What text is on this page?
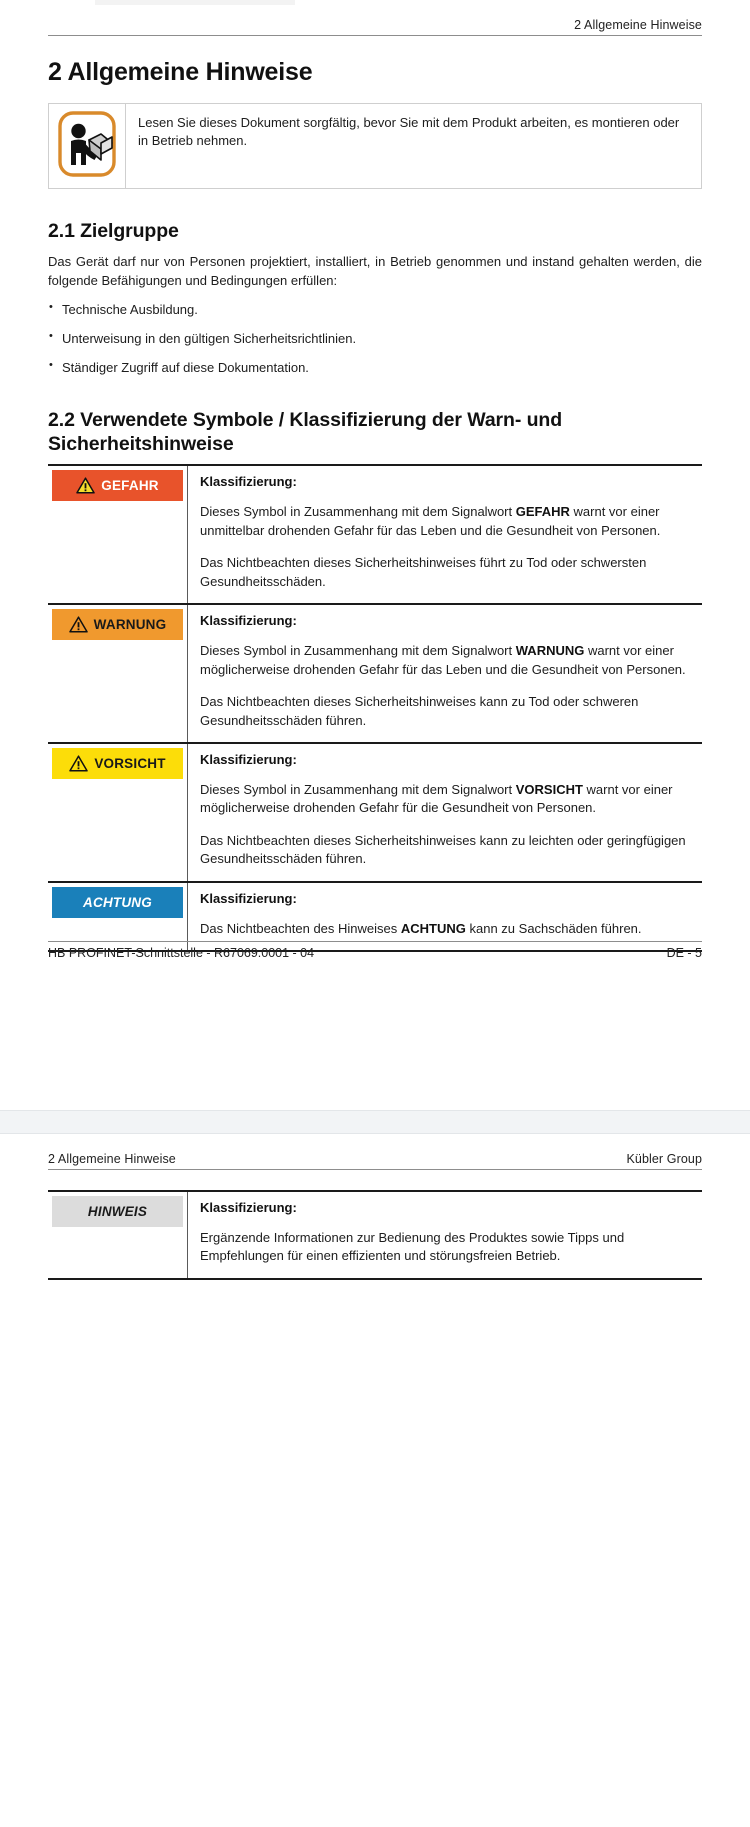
2 Allgemeine Hinweise
2 Allgemeine Hinweise
Lesen Sie dieses Dokument sorgfältig, bevor Sie mit dem Produkt arbeiten, es montieren oder in Betrieb nehmen.
2.1 Zielgruppe

Das Gerät darf nur von Personen projektiert, installiert, in Betrieb genommen und instand gehalten werden, die folgende Befähigungen und Bedingungen erfüllen:

• Technische Ausbildung.
• Unterweisung in den gültigen Sicherheitsrichtlinien.
• Ständiger Zugriff auf diese Dokumentation.
2.2 Verwendete Symbole / Klassifizierung der Warn- und Sicherheitshinweise
GEFAHR	Klassifizierung:

Dieses Symbol in Zusammenhang mit dem Signalwort GEFAHR warnt vor einer unmittelbar drohenden Gefahr für das Leben und die Gesundheit von Personen.

Das Nichtbeachten dieses Sicherheitshinweises führt zu Tod oder schwersten Gesundheitsschäden.

WARNUNG	Klassifizierung:

Dieses Symbol in Zusammenhang mit dem Signalwort WARNUNG warnt vor einer möglicherweise drohenden Gefahr für das Leben und die Gesundheit von Personen.

Das Nichtbeachten dieses Sicherheitshinweises kann zu Tod oder schweren Gesundheitsschäden führen.

VORSICHT	Klassifizierung:

Dieses Symbol in Zusammenhang mit dem Signalwort VORSICHT warnt vor einer möglicherweise drohenden Gefahr für die Gesundheit von Personen.

Das Nichtbeachten dieses Sicherheitshinweises kann zu leichten oder geringfügigen Gesundheitsschäden führen.

ACHTUNG	Klassifizierung:

Das Nichtbeachten des Hinweises ACHTUNG kann zu Sachschäden führen.

HB PROFINET-Schnittstelle - R67069.0001 - 04	DE - 5
2 Allgemeine Hinweise	Kübler Group
HINWEIS	Klassifizierung:

Ergänzende Informationen zur Bedienung des Produktes sowie Tipps und Empfehlungen für einen effizienten und störungsfreien Betrieb.
